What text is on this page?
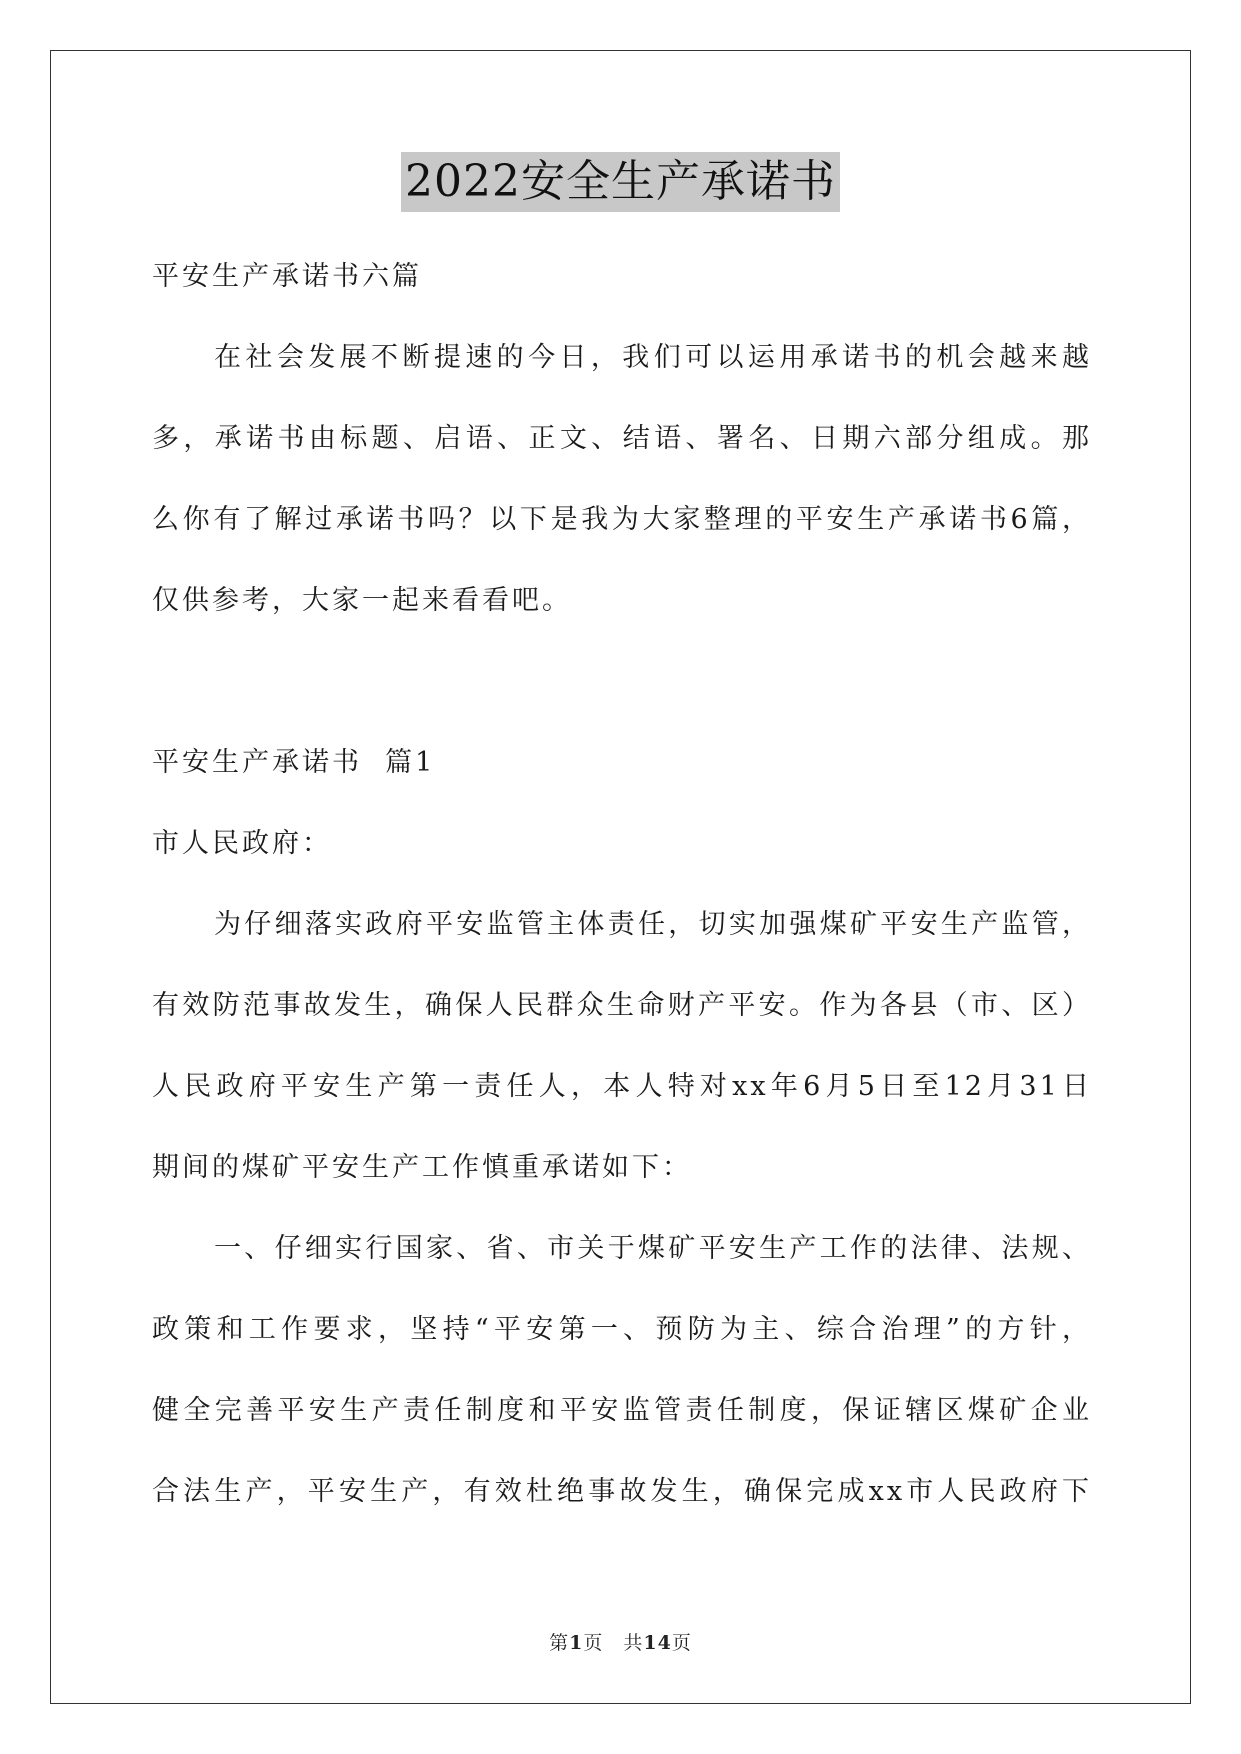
2022安全生产承诺书
平安生产承诺书六篇
在社会发展不断提速的今日，我们可以运用承诺书的机会越来越
多，承诺书由标题、启语、正文、结语、署名、日期六部分组成。那
么你有了解过承诺书吗？以下是我为大家整理的平安生产承诺书6篇，
仅供参考，大家一起来看看吧。
平安生产承诺书  篇1
市人民政府：
为仔细落实政府平安监管主体责任，切实加强煤矿平安生产监管，
有效防范事故发生，确保人民群众生命财产平安。作为各县（市、区）
人民政府平安生产第一责任人，本人特对xx年6月5日至12月31日
期间的煤矿平安生产工作慎重承诺如下：
一、仔细实行国家、省、市关于煤矿平安生产工作的法律、法规、
政策和工作要求，坚持“平安第一、预防为主、综合治理”的方针，
健全完善平安生产责任制度和平安监管责任制度，保证辖区煤矿企业
合法生产，平安生产，有效杜绝事故发生，确保完成xx市人民政府下
第1页　共14页
